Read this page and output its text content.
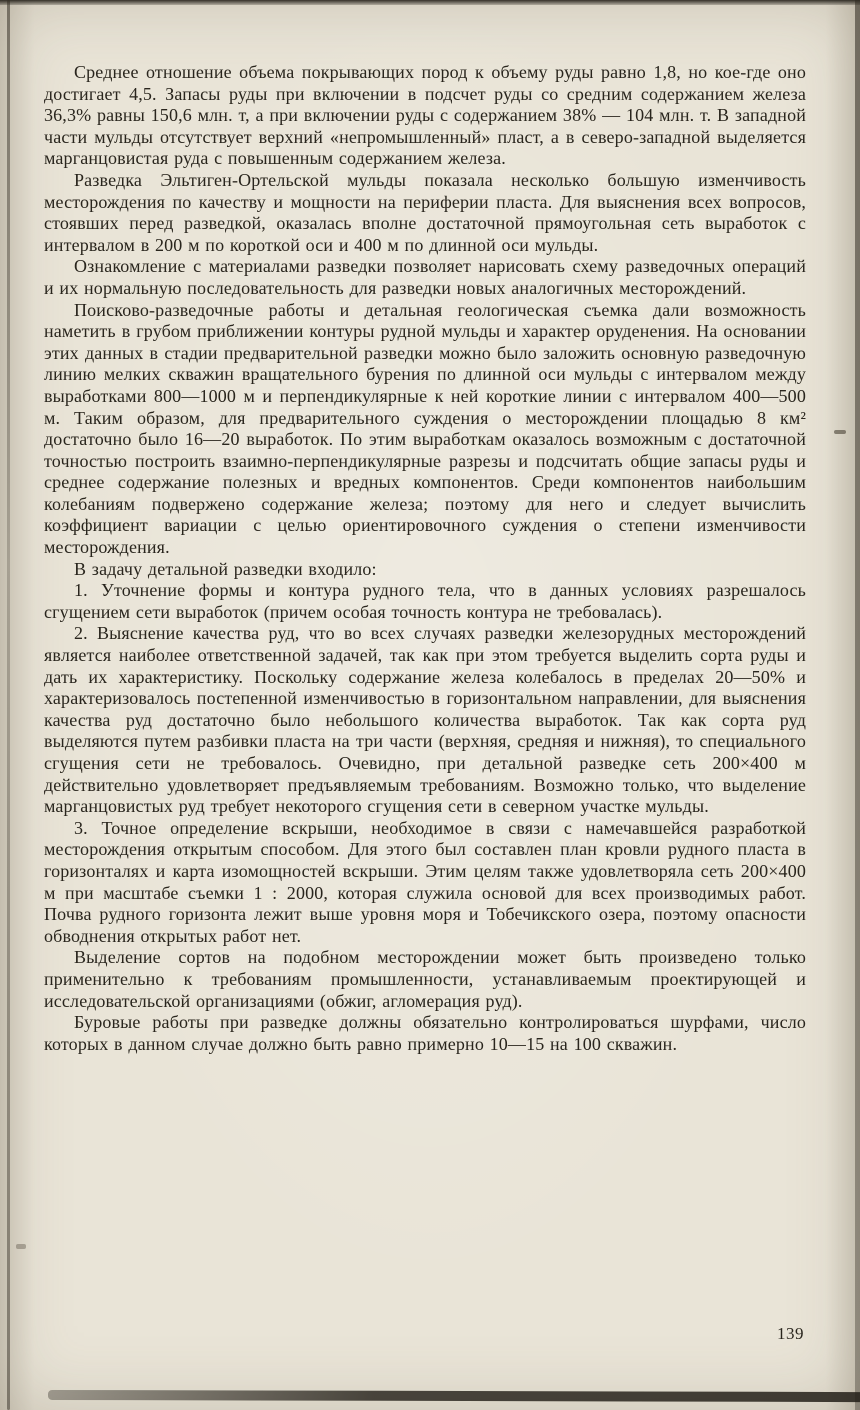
Среднее отношение объема покрывающих пород к объему руды равно 1,8, но кое-где оно достигает 4,5. Запасы руды при включении в подсчет руды со средним содержанием железа 36,3% равны 150,6 млн. т, а при включении руды с содержанием 38% — 104 млн. т. В западной части мульды отсутствует верхний «непромышленный» пласт, а в северо-западной выделяется марганцовистая руда с повышенным содержанием железа.

Разведка Эльтиген-Ортельской мульды показала несколько большую изменчивость месторождения по качеству и мощности на периферии пласта. Для выяснения всех вопросов, стоявших перед разведкой, оказалась вполне достаточной прямоугольная сеть выработок с интервалом в 200 м по короткой оси и 400 м по длинной оси мульды.

Ознакомление с материалами разведки позволяет нарисовать схему разведочных операций и их нормальную последовательность для разведки новых аналогичных месторождений.

Поисково-разведочные работы и детальная геологическая съемка дали возможность наметить в грубом приближении контуры рудной мульды и характер оруденения. На основании этих данных в стадии предварительной разведки можно было заложить основную разведочную линию мелких скважин вращательного бурения по длинной оси мульды с интервалом между выработками 800—1000 м и перпендикулярные к ней короткие линии с интервалом 400—500 м. Таким образом, для предварительного суждения о месторождении площадью 8 км² достаточно было 16—20 выработок. По этим выработкам оказалось возможным с достаточной точностью построить взаимно-перпендикулярные разрезы и подсчитать общие запасы руды и среднее содержание полезных и вредных компонентов. Среди компонентов наибольшим колебаниям подвержено содержание железа; поэтому для него и следует вычислить коэффициент вариации с целью ориентировочного суждения о степени изменчивости месторождения.

В задачу детальной разведки входило:

1. Уточнение формы и контура рудного тела, что в данных условиях разрешалось сгущением сети выработок (причем особая точность контура не требовалась).

2. Выяснение качества руд, что во всех случаях разведки железорудных месторождений является наиболее ответственной задачей, так как при этом требуется выделить сорта руды и дать их характеристику. Поскольку содержание железа колебалось в пределах 20—50% и характеризовалось постепенной изменчивостью в горизонтальном направлении, для выяснения качества руд достаточно было небольшого количества выработок. Так как сорта руд выделяются путем разбивки пласта на три части (верхняя, средняя и нижняя), то специального сгущения сети не требовалось. Очевидно, при детальной разведке сеть 200×400 м действительно удовлетворяет предъявляемым требованиям. Возможно только, что выделение марганцовистых руд требует некоторого сгущения сети в северном участке мульды.

3. Точное определение вскрыши, необходимое в связи с намечавшейся разработкой месторождения открытым способом. Для этого был составлен план кровли рудного пласта в горизонталях и карта изомощностей вскрыши. Этим целям также удовлетворяла сеть 200×400 м при масштабе съемки 1 : 2000, которая служила основой для всех производимых работ. Почва рудного горизонта лежит выше уровня моря и Тобечикского озера, поэтому опасности обводнения открытых работ нет.

Выделение сортов на подобном месторождении может быть произведено только применительно к требованиям промышленности, устанавливаемым проектирующей и исследовательской организациями (обжиг, агломерация руд).

Буровые работы при разведке должны обязательно контролироваться шурфами, число которых в данном случае должно быть равно примерно 10—15 на 100 скважин.

139
